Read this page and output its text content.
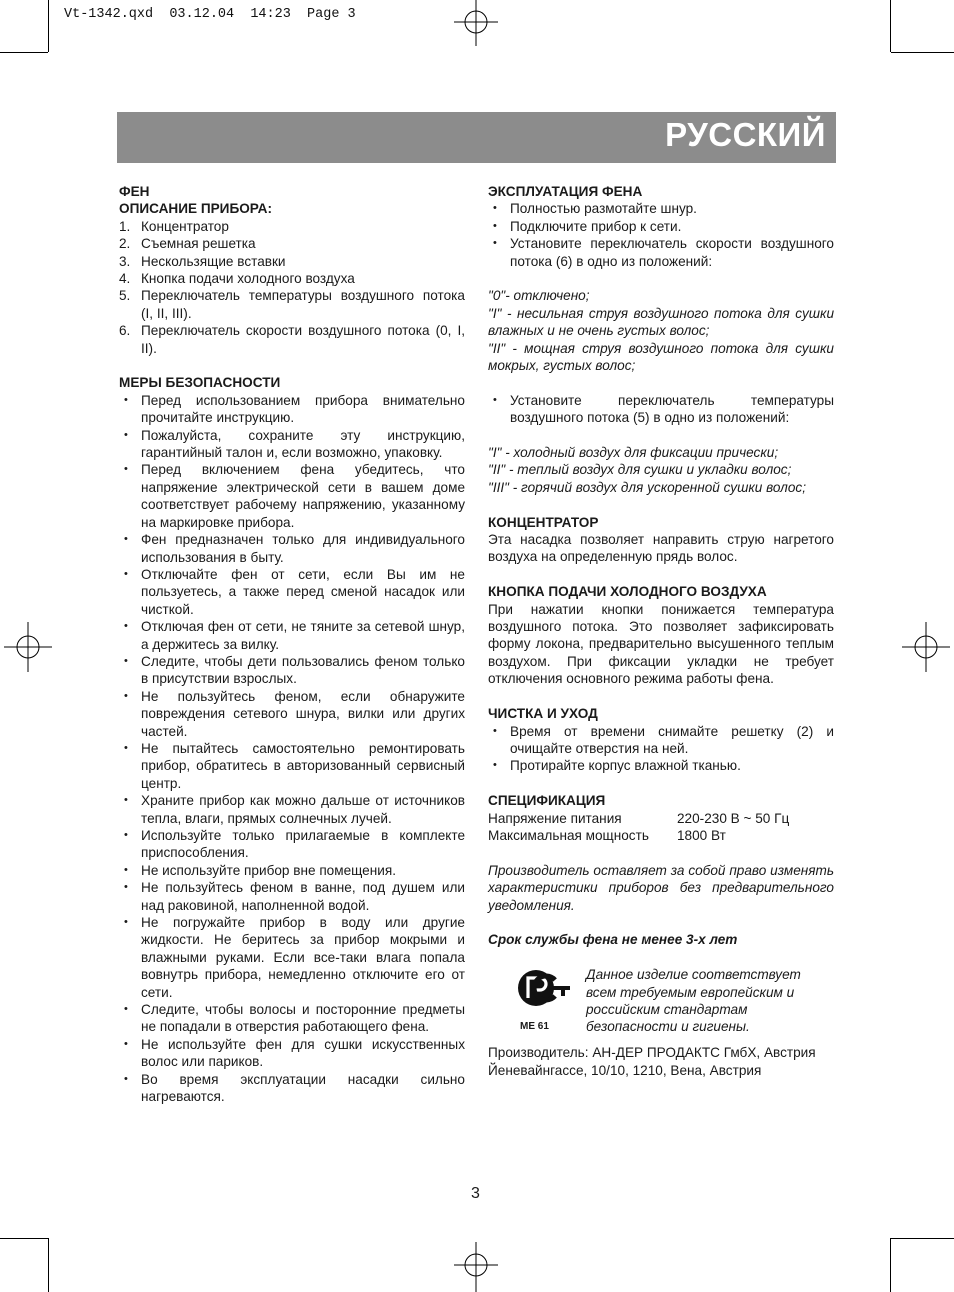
Vt-1342.qxd  03.12.04  14:23  Page 3
РУССКИЙ

ФЕН

ОПИСАНИЕ ПРИБОРА:

1. Концентратор
2. Съемная решетка
3. Нескользящие вставки
4. Кнопка подачи холодного воздуха
5. Переключатель температуры воздушного потока (I, II, III).
6. Переключатель скорости воздушного потока (0, I, II).

МЕРЫ БЕЗОПАСНОСТИ

• Перед использованием прибора внимательно прочитайте инструкцию.
• Пожалуйста, сохраните эту инструкцию, гарантийный талон и, если возможно, упаковку.
• Перед включением фена убедитесь, что напряжение электрической сети в вашем доме соответствует рабочему напряжению, указанному на маркировке прибора.
• Фен предназначен только для индивидуального использования в быту.
• Отключайте фен от сети, если Вы им не пользуетесь, а также перед сменой насадок или чисткой.
• Отключая фен от сети, не тяните за сетевой шнур, а держитесь за вилку.
• Следите, чтобы дети пользовались феном только в присутствии взрослых.
• Не пользуйтесь феном, если обнаружите повреждения сетевого шнура, вилки или других частей.
• Не пытайтесь самостоятельно ремонтировать прибор, обратитесь в авторизованный сервисный центр.
• Храните прибор как можно дальше от источников тепла, влаги, прямых солнечных лучей.
• Используйте только прилагаемые в комплекте приспособления.
• Не используйте прибор вне помещения.
• Не пользуйтесь феном в ванне, под душем или над раковиной, наполненной водой.
• Не погружайте прибор в воду или другие жидкости. Не беритесь за прибор мокрыми и влажными руками. Если все-таки влага попала вовнутрь прибора, немедленно отключите его от сети.
• Следите, чтобы волосы и посторонние предметы не попадали в отверстия работающего фена.
• Не используйте фен для сушки искусственных волос или париков.
• Во время эксплуатации насадки сильно нагреваются.

ЭКСПЛУАТАЦИЯ ФЕНА

• Полностью размотайте шнур.
• Подключите прибор к сети.
• Установите переключатель скорости воздушного потока (6) в одно из положений:

"0"- отключено;

"I" - несильная струя воздушного потока для сушки влажных и не очень густых волос;

"II" - мощная струя воздушного потока для сушки мокрых, густых волос;

• Установите переключатель температуры воздушного потока (5) в одно из положений:

"I" - холодный воздух для фиксации прически;

"II" - теплый воздух для сушки и укладки волос;

"III" - горячий воздух для ускоренной сушки волос;

КОНЦЕНТРАТОР

Эта насадка позволяет направить струю нагретого воздуха на определенную прядь волос.

КНОПКА ПОДАЧИ ХОЛОДНОГО ВОЗДУХА

При нажатии кнопки понижается температура воздушного потока. Это позволяет зафиксировать форму локона, предварительно высушенного теплым воздухом. При фиксации укладки не требует отключения основного режима работы фена.

ЧИСТКА И УХОД

• Время от времени снимайте решетку (2) и очищайте отверстия на ней.
• Протирайте корпус влажной тканью.

СПЕЦИФИКАЦИЯ

Напряжение питания	220-230 В ~ 50 Гц
Максимальная мощность	1800 Вт

Производитель оставляет за собой право изменять характеристики приборов без предварительного уведомления.

Срок службы фена не менее 3-х лет

МЕ 61
Данное изделие соответствует всем требуемым европейским и российским стандартам безопасности и гигиены.

Производитель: АН-ДЕР ПРОДАКТС ГмбХ, Австрия

Йеневайнгассе, 10/10, 1210, Вена, Австрия

3
